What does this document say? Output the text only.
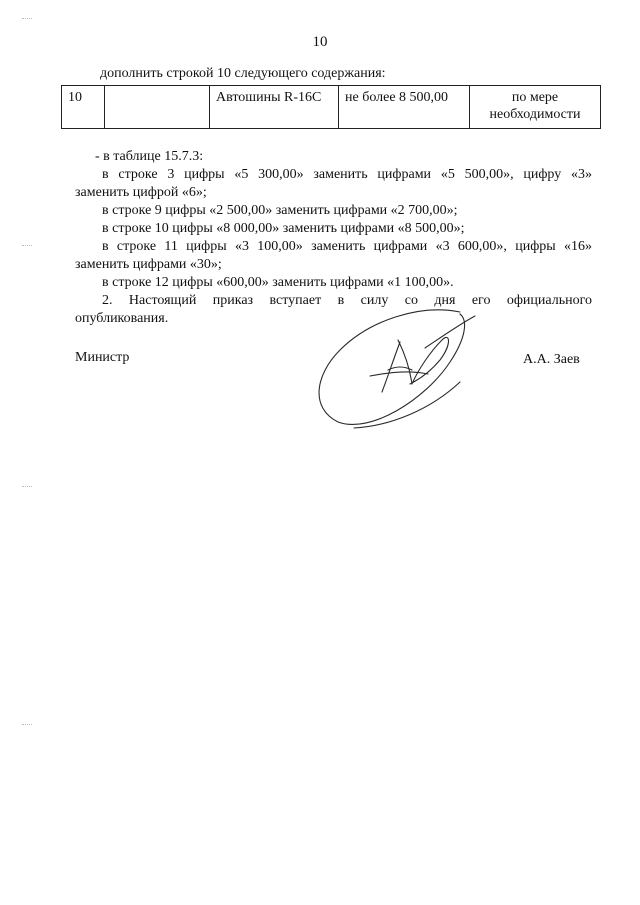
10
дополнить строкой 10 следующего содержания:
10		Автошины R-16C	не более 8 500,00	по мере
необходимости

- в таблице 15.7.3:

в строке 3 цифры «5 300,00» заменить цифрами «5 500,00», цифру «3»

заменить цифрой «6»;

в строке 9 цифры «2 500,00» заменить цифрами «2 700,00»;

в строке 10 цифры «8 000,00» заменить цифрами «8 500,00»;

в строке 11 цифры «3 100,00» заменить цифрами «3 600,00», цифры «16»

заменить цифрами «30»;

в строке 12 цифры «600,00» заменить цифрами «1 100,00».

2. Настоящий приказ вступает в силу со дня его официального

опубликования.

Министр	А.А. Заев
